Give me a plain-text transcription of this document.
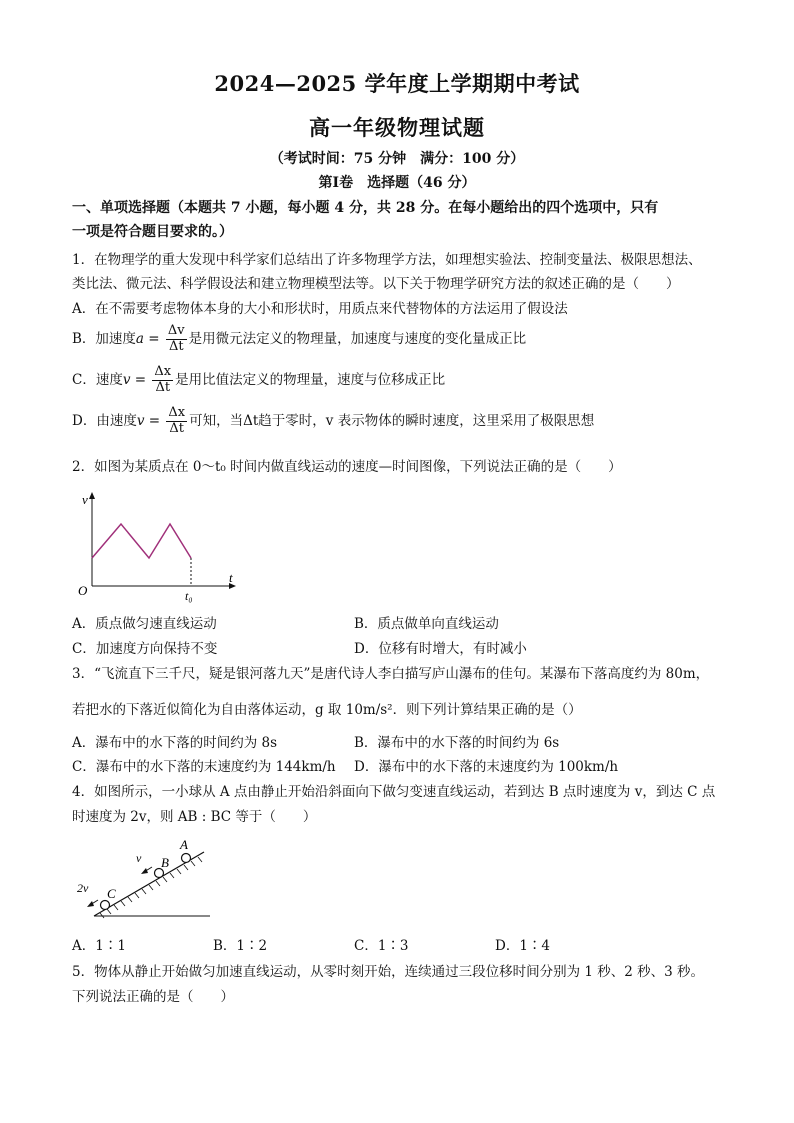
2024—2025 学年度上学期期中考试
高一年级物理试题
（考试时间：75 分钟　满分：100 分）
第Ⅰ卷　选择题（46 分）
一、单项选择题（本题共 7 小题，每小题 4 分，共 28 分。在每小题给出的四个选项中，只有
一项是符合题目要求的。）
1．在物理学的重大发现中科学家们总结出了许多物理学方法，如理想实验法、控制变量法、极限思想法、
类比法、微元法、科学假设法和建立物理模型法等。以下关于物理学研究方法的叙述正确的是（　　）
A．在不需要考虑物体本身的大小和形状时，用质点来代替物体的方法运用了假设法
B．加速度$a = \frac{\Delta v}{\Delta t}$ 是用微元法定义的物理量，加速度与速度的变化量成正比
C．速度$v = \frac{\Delta x}{\Delta t}$ 是用比值法定义的物理量，速度与位移成正比
D．由速度$v = \frac{\Delta x}{\Delta t}$ 可知，当Δt趋于零时，v 表示物体的瞬时速度，这里采用了极限思想
2．如图为某质点在 0～t₀ 时间内做直线运动的速度—时间图像，下列说法正确的是（　　）
v
t
O	t₀
A．质点做匀速直线运动	B．质点做单向直线运动
C．加速度方向保持不变	D．位移有时增大，有时减小
3．“飞流直下三千尺，疑是银河落九天”是唐代诗人李白描写庐山瀑布的佳句。某瀑布下落高度约为 80m，
若把水的下落近似简化为自由落体运动，g 取 10m/s²．则下列计算结果正确的是（）
A．瀑布中的水下落的时间约为 8s	B．瀑布中的水下落的时间约为 6s
C．瀑布中的水下落的末速度约为 144km/h D．瀑布中的水下落的末速度约为 100km/h
4．如图所示，一小球从 A 点由静止开始沿斜面向下做匀变速直线运动，若到达 B 点时速度为 v，到达 C 点
时速度为 2v，则 AB : BC 等于（　　）
A
B
C
v
2v
A．1∶1	B．1∶2	C．1∶3	D．1∶4
5．物体从静止开始做匀加速直线运动，从零时刻开始，连续通过三段位移时间分别为 1 秒、2 秒、3 秒。
下列说法正确的是（　　）
